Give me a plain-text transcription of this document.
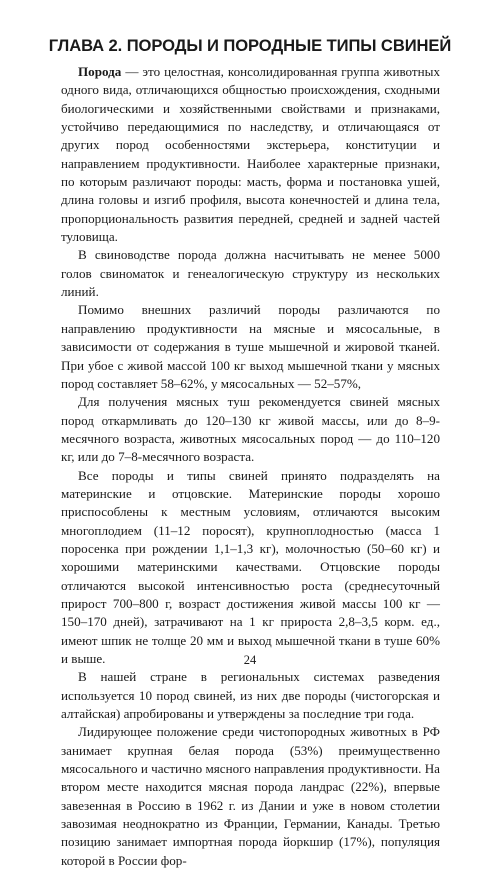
ГЛАВА 2. ПОРОДЫ И ПОРОДНЫЕ ТИПЫ СВИНЕЙ

Порода — это целостная, консолидированная группа животных одного вида, отличающихся общностью происхождения, сходными биологическими и хозяйственными свойствами и признаками, устойчиво передающимися по наследству, и отличающаяся от других пород особенностями экстерьера, конституции и направлением продуктивности. Наиболее характерные признаки, по которым различают породы: масть, форма и постановка ушей, длина головы и изгиб профиля, высота конечностей и длина тела, пропорциональность развития передней, средней и задней частей туловища.

В свиноводстве порода должна насчитывать не менее 5000 голов свиноматок и генеалогическую структуру из нескольких линий.

Помимо внешних различий породы различаются по направлению продуктивности на мясные и мясосальные, в зависимости от содержания в туше мышечной и жировой тканей. При убое с живой массой 100 кг выход мышечной ткани у мясных пород составляет 58–62%, у мясосальных — 52–57%,

Для получения мясных туш рекомендуется свиней мясных пород откармливать до 120–130 кг живой массы, или до 8–9-месячного возраста, животных мясосальных пород — до 110–120 кг, или до 7–8-месячного возраста.

Все породы и типы свиней принято подразделять на материнские и отцовские. Материнские породы хорошо приспособлены к местным условиям, отличаются высоким многоплодием (11–12 поросят), крупноплодностью (масса 1 поросенка при рождении 1,1–1,3 кг), молочностью (50–60 кг) и хорошими материнскими качествами. Отцовские породы отличаются высокой интенсивностью роста (среднесуточный прирост 700–800 г, возраст достижения живой массы 100 кг — 150–170 дней), затрачивают на 1 кг прироста 2,8–3,5 корм. ед., имеют шпик не толще 20 мм и выход мышечной ткани в туше 60% и выше.

В нашей стране в региональных системах разведения используется 10 пород свиней, из них две породы (чистогорская и алтайская) апробированы и утверждены за последние три года.

Лидирующее положение среди чистопородных животных в РФ занимает крупная белая порода (53%) преимущественно мясосального и частично мясного направления продуктивности. На втором месте находится мясная порода ландрас (22%), впервые завезенная в Россию в 1962 г. из Дании и уже в новом столетии завозимая неоднократно из Франции, Германии, Канады. Третью позицию занимает импортная порода йоркшир (17%), популяция которой в России фор-

24
